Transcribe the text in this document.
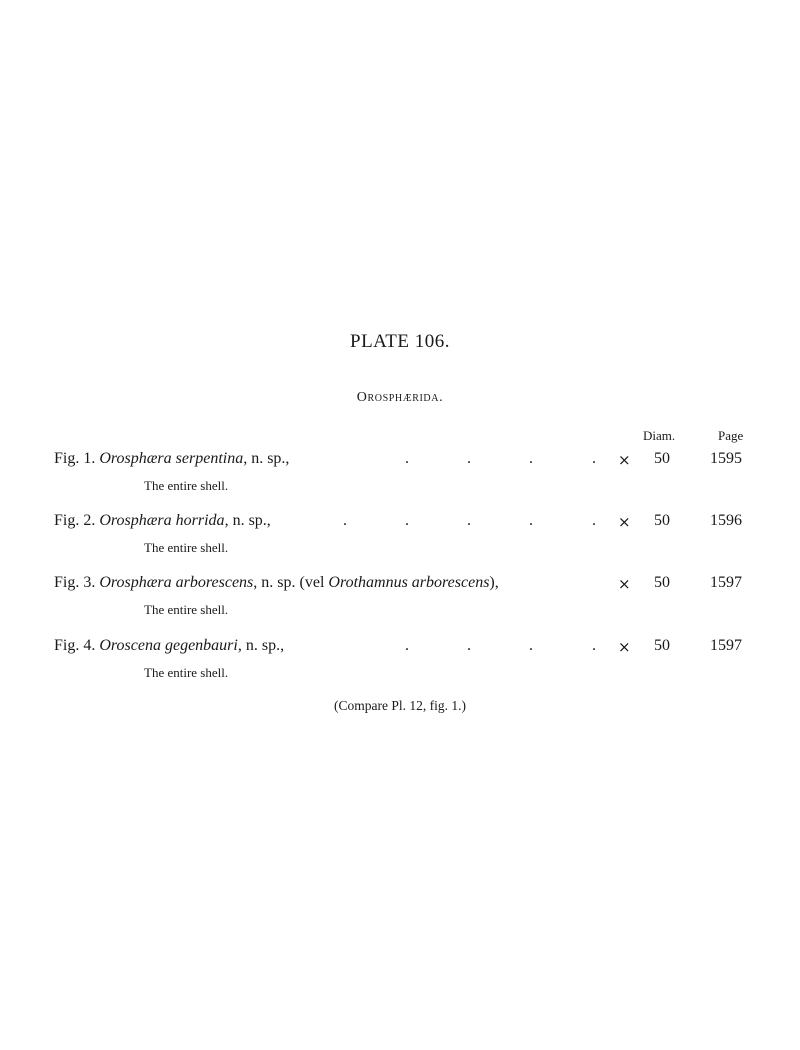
PLATE 106.
Orosphærida.
Diam.	Page
Fig. 1. Orosphæra serpentina, n. sp.,	.	.	.	. × 50	1595
The entire shell.
Fig. 2. Orosphæra horrida, n. sp.,	.	.	.	.	. × 50	1596
The entire shell.
Fig. 3. Orosphæra arborescens, n. sp. (vel Orothamnus arborescens),	× 50	1597
The entire shell.
Fig. 4. Oroscena gegenbauri, n. sp.,	.	.	.	. × 50	1597
The entire shell.
(Compare Pl. 12, fig. 1.)
